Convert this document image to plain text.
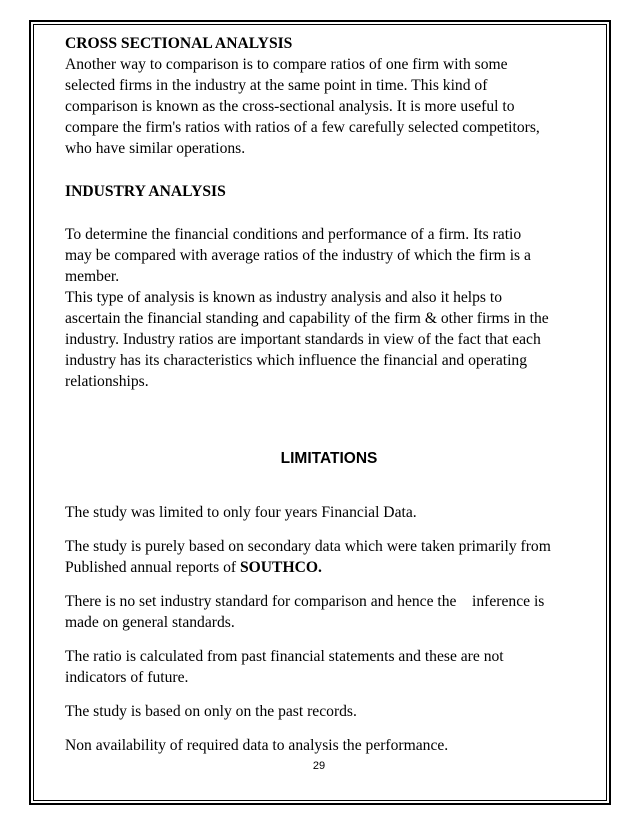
CROSS SECTIONAL ANALYSIS

Another way to comparison is to compare ratios of one firm with some

selected firms in the industry at the same point in time. This kind of

comparison is known as the cross-sectional analysis. It is more useful to

compare the firm's ratios with ratios of a few carefully selected competitors,

who have similar operations.

INDUSTRY ANALYSIS

To determine the financial conditions and performance of a firm. Its ratio

may be compared with average ratios of the industry of which the firm is a

member.

This type of analysis is known as industry analysis and also it helps to

ascertain the financial standing and capability of the firm & other firms in the

industry. Industry ratios are important standards in view of the fact that each

industry has its characteristics which influence the financial and operating

relationships.

LIMITATIONS

The study was limited to only four years Financial Data.

The study is purely based on secondary data which were taken primarily from

Published annual reports of SOUTHCO.

There is no set industry standard for comparison and hence the    inference is

made on general standards.

The ratio is calculated from past financial statements and these are not

indicators of future.

The study is based on only on the past records.

Non availability of required data to analysis the performance.

29
